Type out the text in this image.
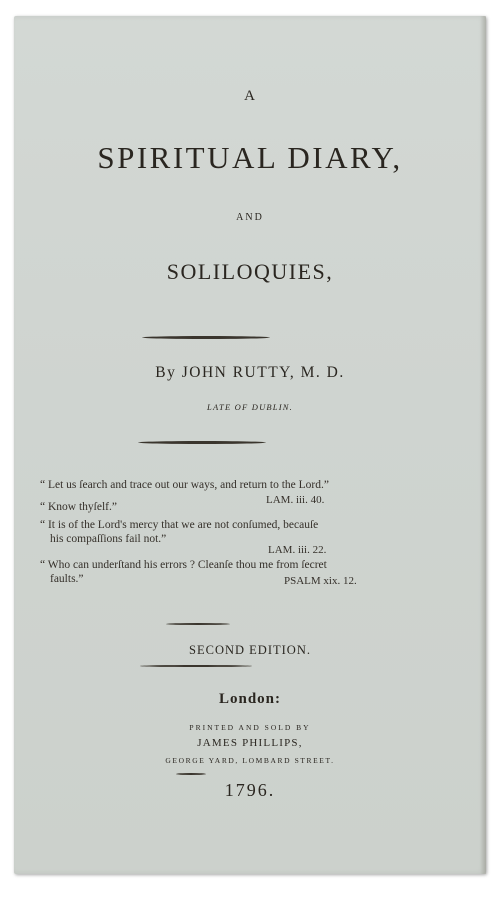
A
SPIRITUAL DIARY,
AND
SOLILOQUIES,
By JOHN RUTTY, M. D.
LATE OF DUBLIN.
“ Let us ſearch and trace out our ways, and return to the Lord.”
LAM. iii. 40.
“ Know thyſelf.”
“ It is of the Lord's mercy that we are not conſumed, becauſe
his compaſſions fail not.”
LAM. iii. 22.
“ Who can underſtand his errors ? Cleanſe thou me from ſecret
faults.”	PSALM xix. 12.
SECOND EDITION.
London:
PRINTED AND SOLD BY
JAMES PHILLIPS,
GEORGE YARD, LOMBARD STREET.
1796.
